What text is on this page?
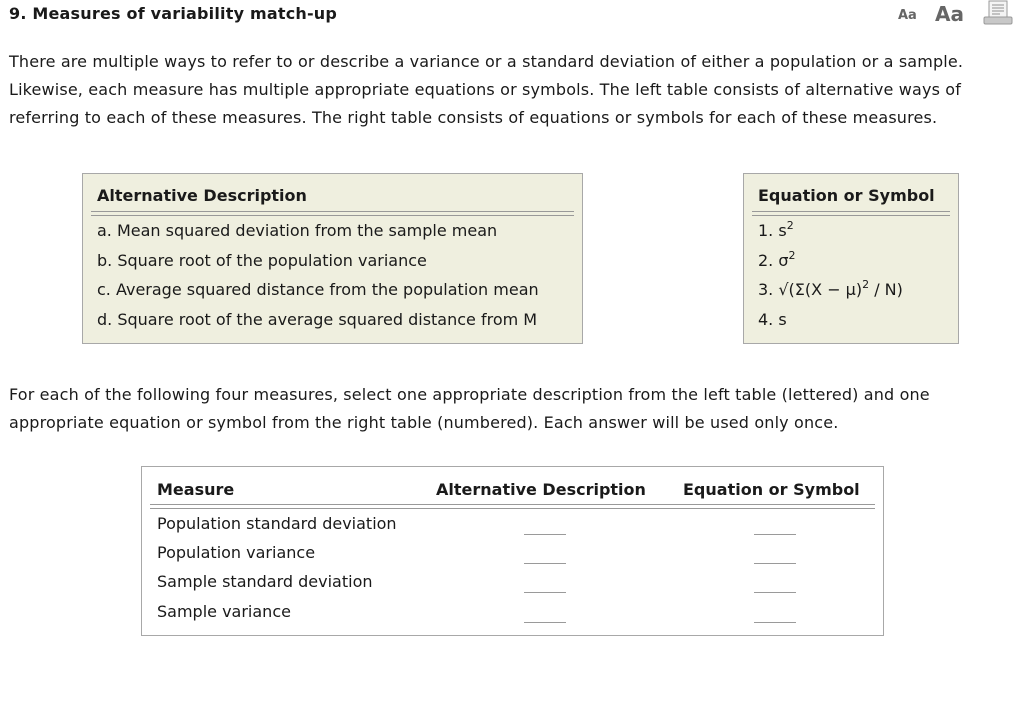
9. Measures of variability match-up	Aa Aa
There are multiple ways to refer to or describe a variance or a standard deviation of either a population or a sample.
Likewise, each measure has multiple appropriate equations or symbols. The left table consists of alternative ways of
referring to each of these measures. The right table consists of equations or symbols for each of these measures.
Alternative Description
a. Mean squared deviation from the sample mean
b. Square root of the population variance
c. Average squared distance from the population mean
d. Square root of the average squared distance from M
Equation or Symbol
1. $s^2$
2. $\sigma^2$
3. $√(\Sigma(X - \mu)^2 / N)$
4. s
For each of the following four measures, select one appropriate description from the left table (lettered) and one
appropriate equation or symbol from the right table (numbered). Each answer will be used only once.
Measure	Alternative Description Equation or Symbol
Population standard deviation
Population variance
Sample standard deviation
Sample variance
